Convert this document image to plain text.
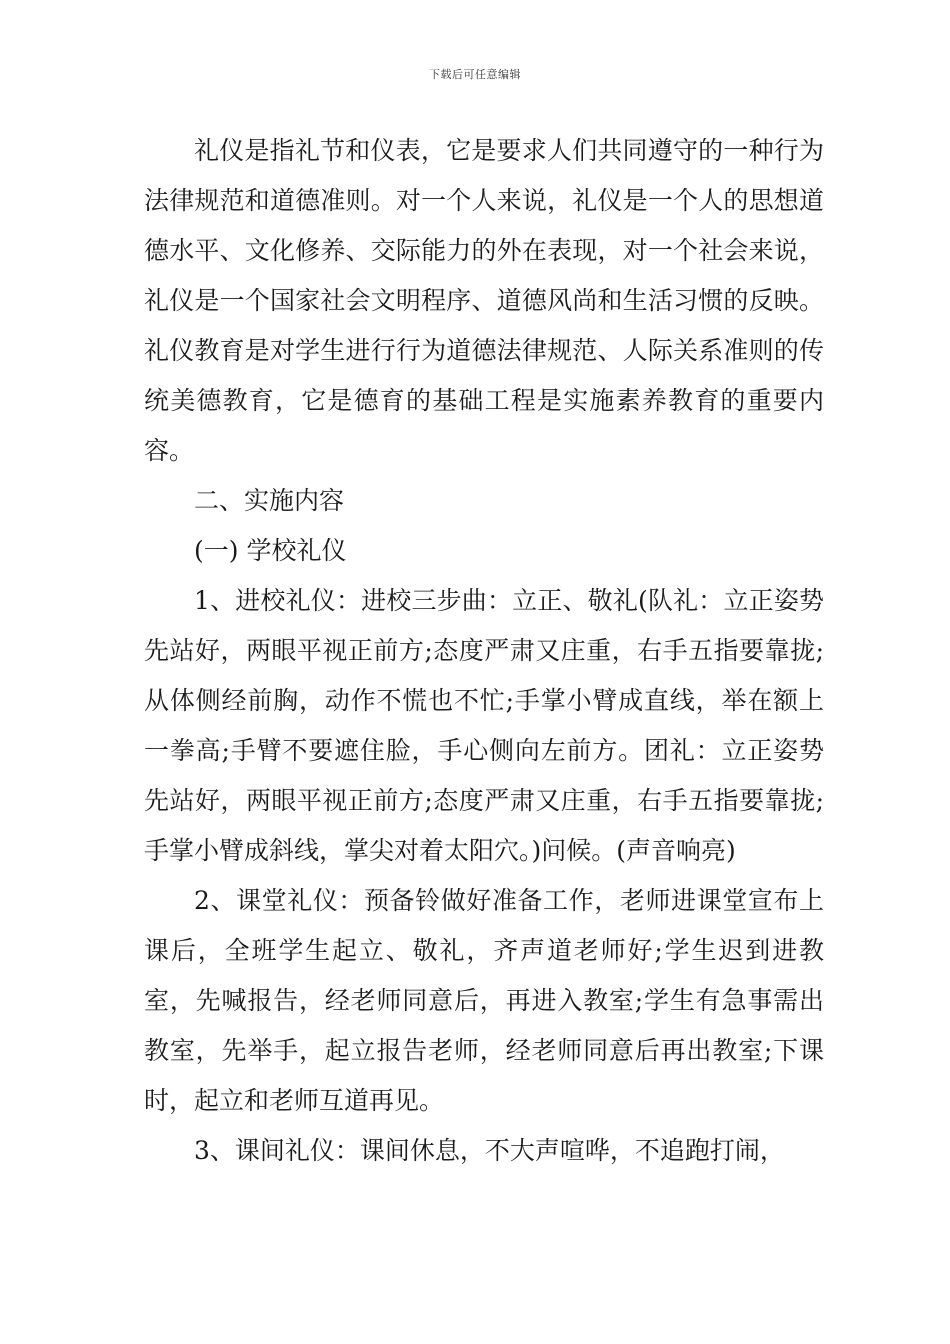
下载后可任意编辑

礼仪是指礼节和仪表，它是要求人们共同遵守的一种行为法律规范和道德准则。对一个人来说，礼仪是一个人的思想道德水平、文化修养、交际能力的外在表现，对一个社会来说，礼仪是一个国家社会文明程序、道德风尚和生活习惯的反映。礼仪教育是对学生进行行为道德法律规范、人际关系准则的传统美德教育，它是德育的基础工程是实施素养教育的重要内容。

二、实施内容

(一) 学校礼仪

1、进校礼仪：进校三步曲：立正、敬礼(队礼：立正姿势先站好，两眼平视正前方;态度严肃又庄重，右手五指要靠拢;从体侧经前胸，动作不慌也不忙;手掌小臂成直线，举在额上一拳高;手臂不要遮住脸，手心侧向左前方。团礼：立正姿势先站好，两眼平视正前方;态度严肃又庄重，右手五指要靠拢;手掌小臂成斜线，掌尖对着太阳穴。)问候。(声音响亮)

2、课堂礼仪：预备铃做好准备工作，老师进课堂宣布上课后，全班学生起立、敬礼，齐声道老师好;学生迟到进教室，先喊报告，经老师同意后，再进入教室;学生有急事需出教室，先举手，起立报告老师，经老师同意后再出教室;下课时，起立和老师互道再见。

3、课间礼仪：课间休息，不大声喧哗，不追跑打闹，
